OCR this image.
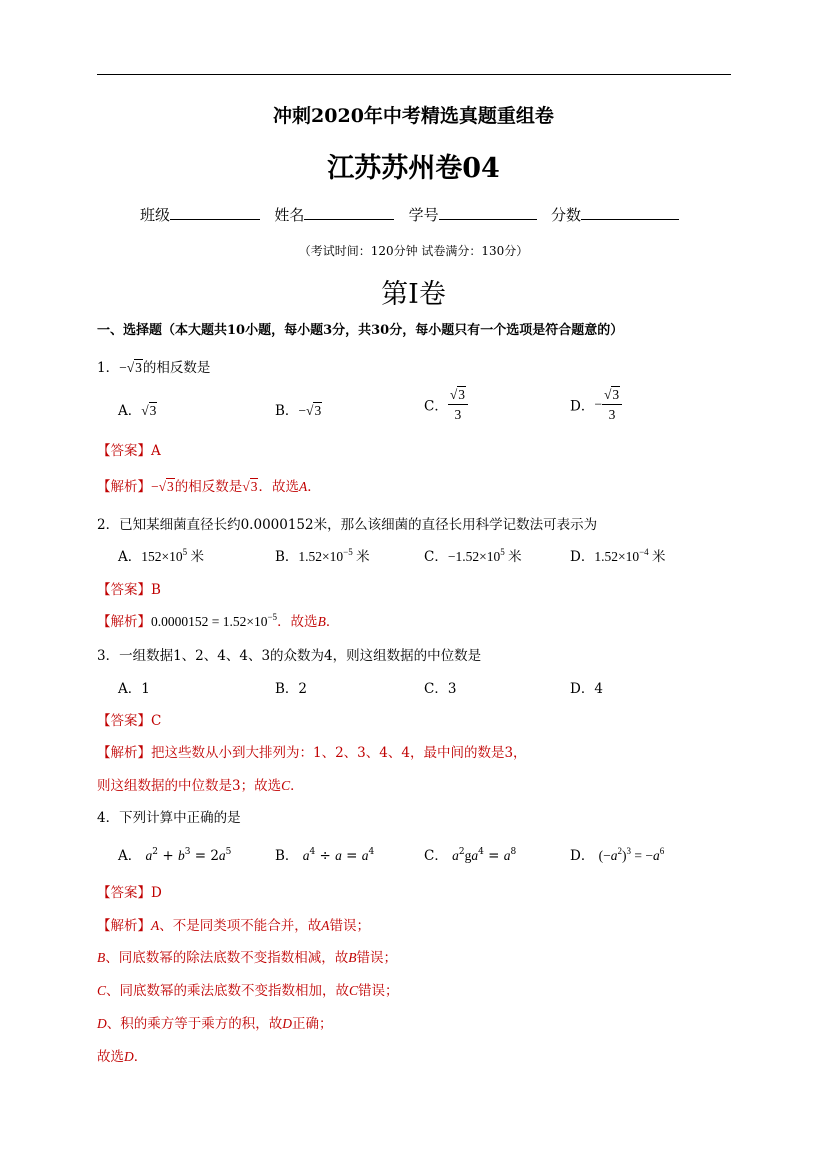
冲刺2020年中考精选真题重组卷
江苏苏州卷04
班级	姓名	学号	分数
（考试时间：120分钟 试卷满分：130分）
第Ⅰ卷
一、选择题（本大题共10小题，每小题3分，共30分，每小题只有一个选项是符合题意的）
1．−√3的相反数是
A．√3	B．−√3	C． $\frac{√3}{3}$	D．− $\frac{√3}{3}$
【答案】A
【解析】−√3的相反数是√3．故选A．
2．已知某细菌直径长约0.0000152米，那么该细菌的直径长用科学记数法可表示为
A．$152\times 10^5$ 米	B．$1.52\times 10^{-5}$ 米	C．$-1.52\times 10^5$ 米	D．$1.52\times 10^{-4}$ 米
【答案】B
【解析】$0.0000152 = 1.52\times 10^{-5}$．故选B．
3．一组数据1、2、4、4、3的众数为4，则这组数据的中位数是
A．1	B．2	C．3	D．4
【答案】C
【解析】把这些数从小到大排列为：1、2、3、4、4，最中间的数是3，
则这组数据的中位数是3；故选C．
4．下列计算中正确的是
A． $a^2 + b^3 = 2a^5$	B． $a^4 \div a = a^4$	C． $a^2ga^4 = a^8$	D． $(-a^2)^3 = -a^6$
【答案】D
【解析】A、不是同类项不能合并，故A错误；
B、同底数幂的除法底数不变指数相减，故B错误；
C、同底数幂的乘法底数不变指数相加，故C错误；
D、积的乘方等于乘方的积，故D正确；
故选D．
